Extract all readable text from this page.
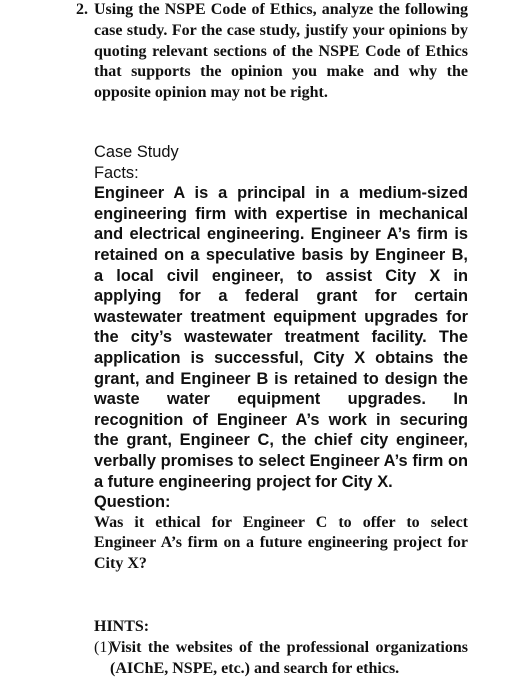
2. Using the NSPE Code of Ethics, analyze the following case study. For the case study, justify your opinions by quoting relevant sections of the NSPE Code of Ethics that supports the opinion you make and why the opposite opinion may not be right.

Case Study

Facts:

Engineer A is a principal in a medium-sized engineering firm with expertise in mechanical and electrical engineering. Engineer A’s firm is retained on a speculative basis by Engineer B, a local civil engineer, to assist City X in applying for a federal grant for certain wastewater treatment equipment upgrades for the city’s wastewater treatment facility. The application is successful, City X obtains the grant, and Engineer B is retained to design the waste water equipment upgrades. In recognition of Engineer A’s work in securing the grant, Engineer C, the chief city engineer, verbally promises to select Engineer A’s firm on a future engineering project for City X.

Question:

Was it ethical for Engineer C to offer to select Engineer A’s firm on a future engineering project for City X?

HINTS:
(1)
Visit the websites of the professional organizations (AIChE, NSPE, etc.) and search for ethics.
